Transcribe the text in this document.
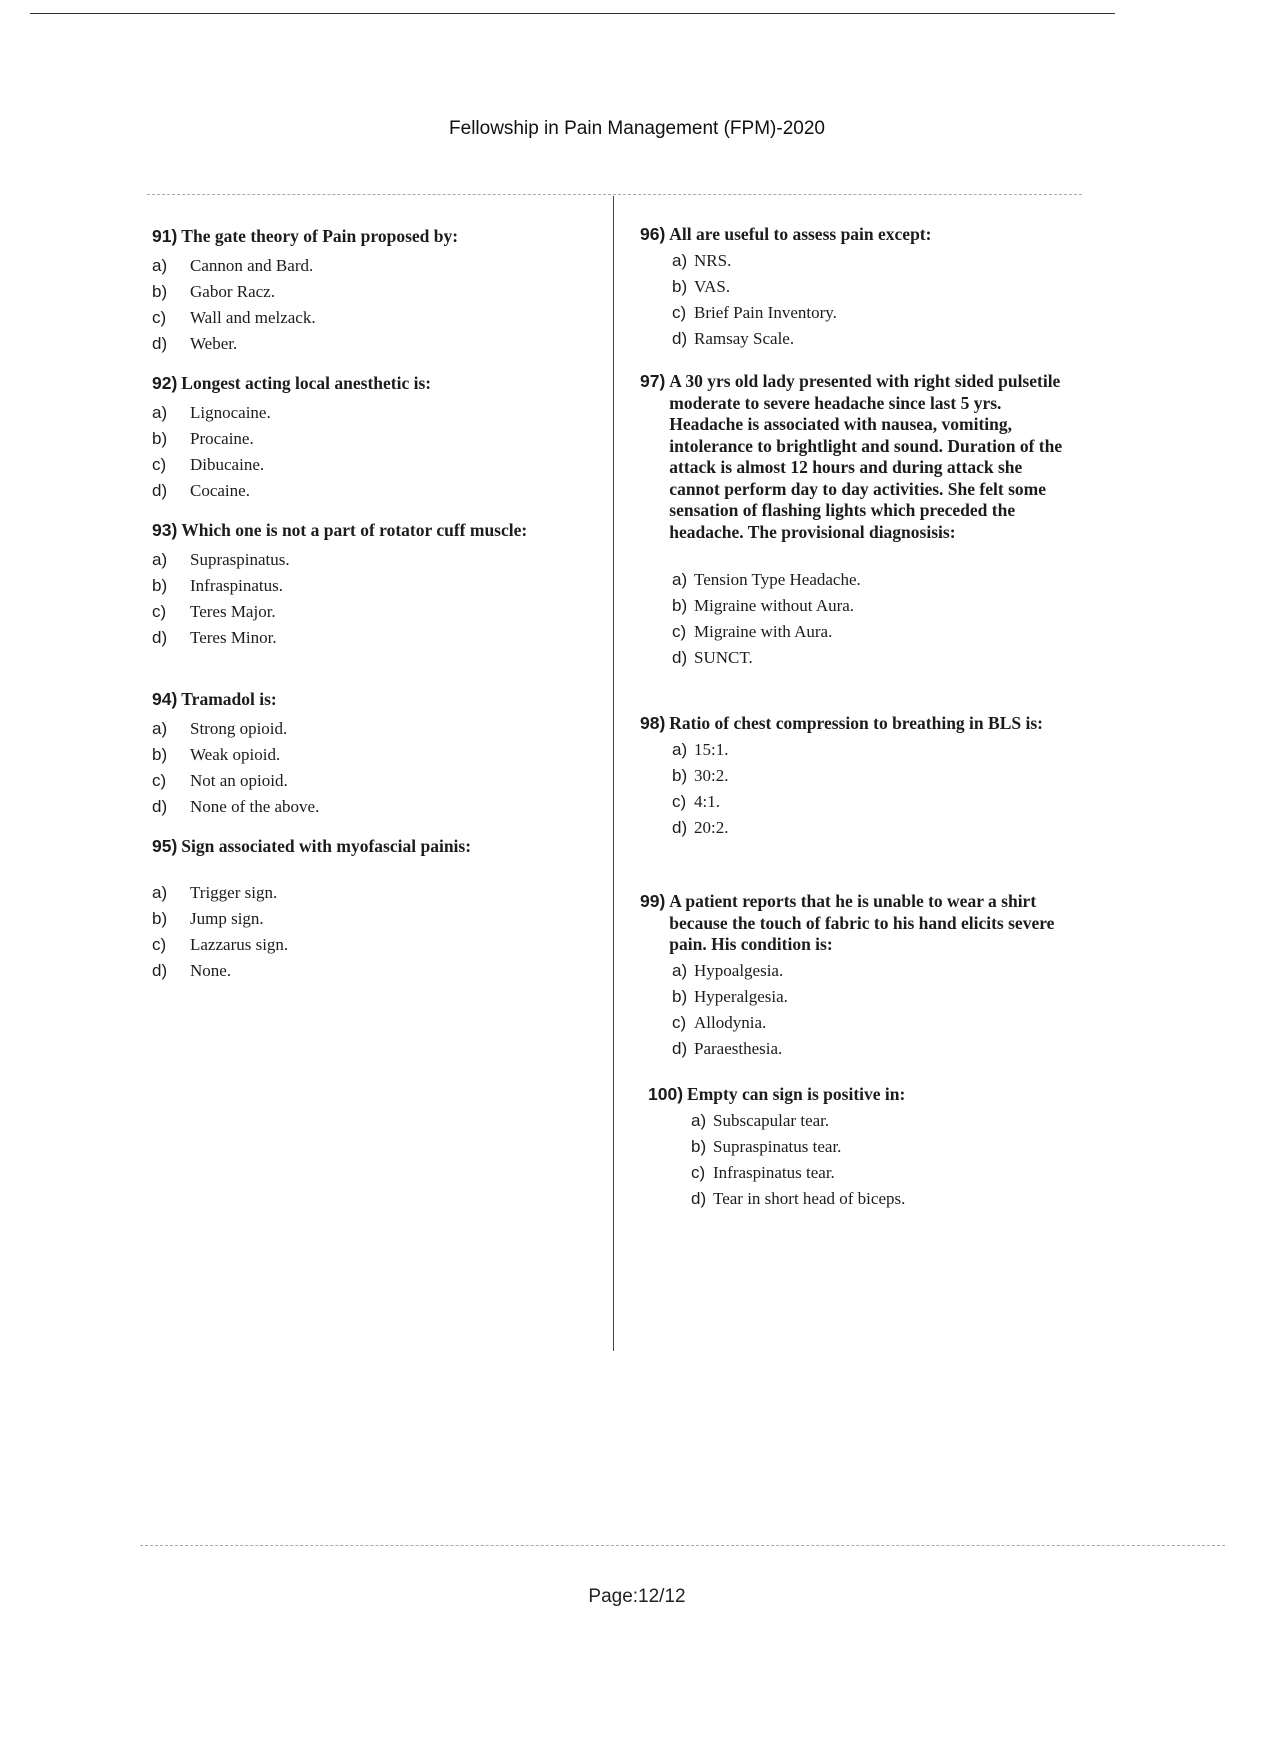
Fellowship in Pain Management (FPM)-2020
91) The gate theory of Pain proposed by:
a)	Cannon and Bard.
b)	Gabor Racz.
c)	Wall and melzack.
d)	Weber.
92) Longest acting local anesthetic is:
a)	Lignocaine.
b)	Procaine.
c)	Dibucaine.
d)	Cocaine.
93) Which one is not a part of rotator cuff muscle:
a)	Supraspinatus.
b)	Infraspinatus.
c)	Teres Major.
d)	Teres Minor.
94) Tramadol is:
a)	Strong opioid.
b)	Weak opioid.
c)	Not an opioid.
d)	None of the above.
95) Sign associated with myofascial painis:
a)	Trigger sign.
b)	Jump sign.
c)	Lazzarus sign.
d)	None.
96) All are useful to assess pain except:
a) NRS.
b) VAS.
c) Brief Pain Inventory.
d) Ramsay Scale.
97) A 30 yrs old lady presented with right sided pulsetile moderate to severe headache since last 5 yrs. Headache is associated with nausea, vomiting, intolerance to brightlight and sound. Duration of the attack is almost 12 hours and during attack she cannot perform day to day activities. She felt some sensation of flashing lights which preceded the headache. The provisional diagnosisis:
a) Tension Type Headache.
b) Migraine without Aura.
c) Migraine with Aura.
d) SUNCT.
98) Ratio of chest compression to breathing in BLS is:
a) 15:1.
b) 30:2.
c) 4:1.
d) 20:2.
99) A patient reports that he is unable to wear a shirt because the touch of fabric to his hand elicits severe pain. His condition is:
a) Hypoalgesia.
b) Hyperalgesia.
c) Allodynia.
d) Paraesthesia.
100) Empty can sign is positive in:
a) Subscapular tear.
b) Supraspinatus tear.
c) Infraspinatus tear.
d) Tear in short head of biceps.
Page:12/12
